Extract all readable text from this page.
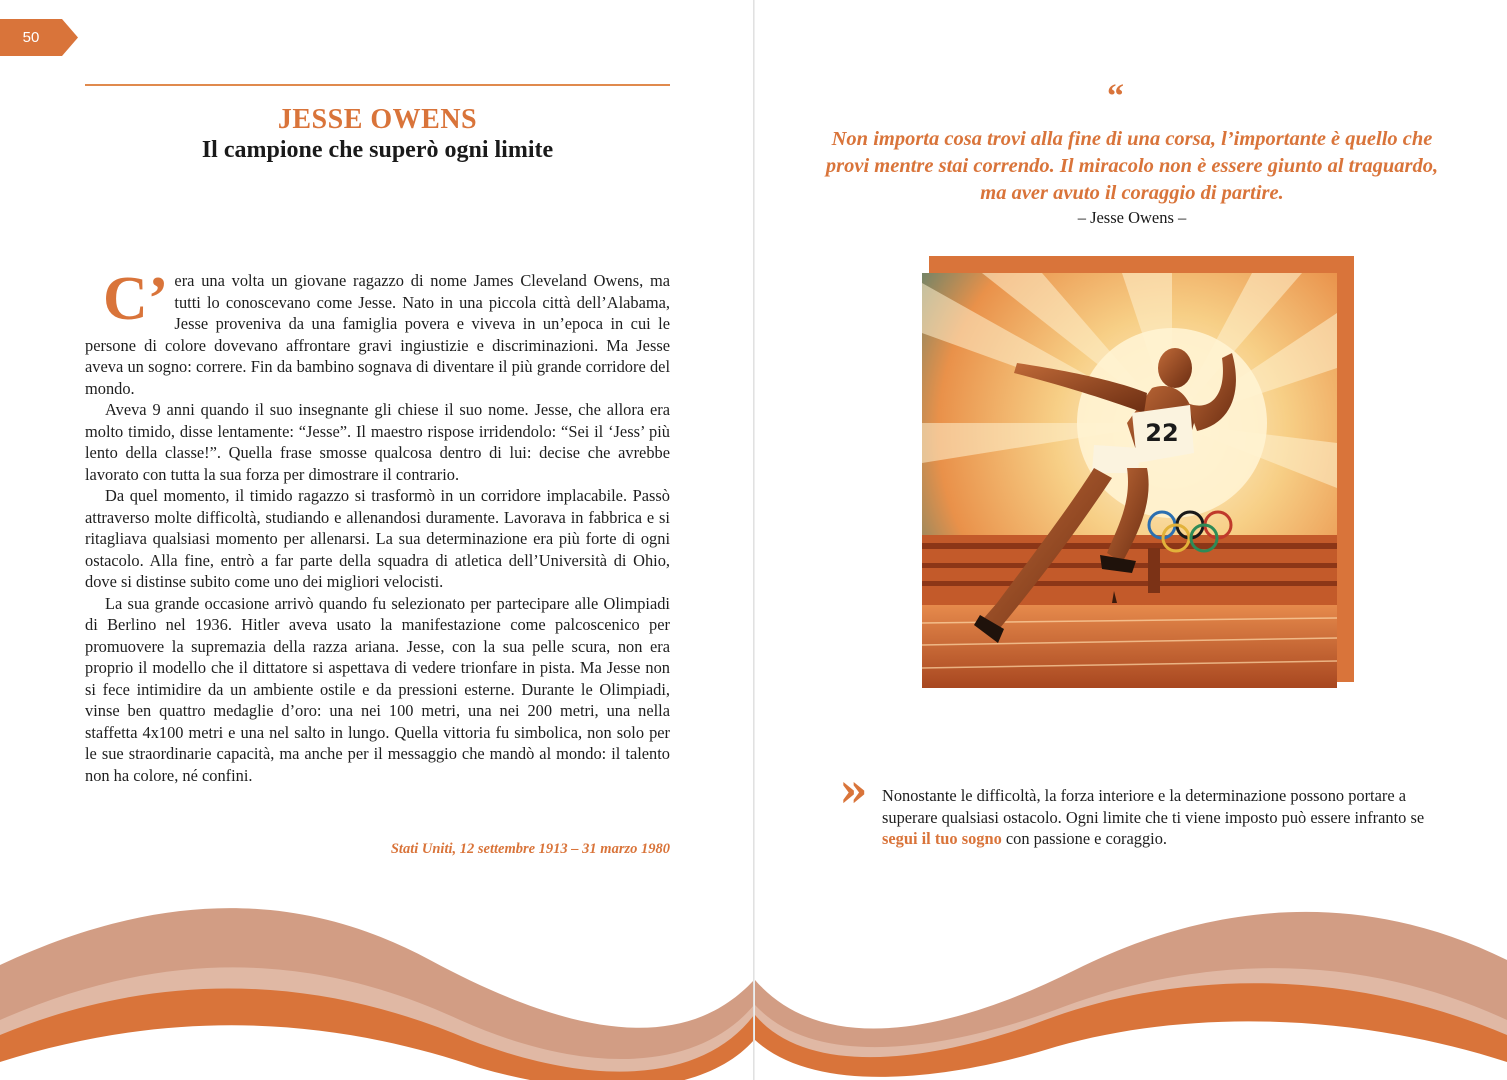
50
JESSE OWENS
Il campione che superò ogni limite

C’ era una volta un giovane ragazzo di nome James Cleveland Owens, ma tutti lo conoscevano come Jesse. Nato in una piccola città dell’Alabama, Jesse proveniva da una famiglia povera e viveva in un’epoca in cui le persone di colore dovevano affrontare gravi ingiustizie e discriminazioni. Ma Jesse aveva un sogno: correre. Fin da bambino sognava di diventare il più grande corridore del mondo.

Aveva 9 anni quando il suo insegnante gli chiese il suo nome. Jesse, che allora era molto timido, disse lentamente: “Jesse”. Il maestro rispose irridendolo: “Sei il ‘Jess’ più lento della classe!”. Quella frase smosse qualcosa dentro di lui: decise che avrebbe lavorato con tutta la sua forza per dimostrare il contrario.

Da quel momento, il timido ragazzo si trasformò in un corridore implacabile. Passò attraverso molte difficoltà, studiando e allenandosi duramente. Lavorava in fabbrica e si ritagliava qualsiasi momento per allenarsi. La sua determinazione era più forte di ogni ostacolo. Alla fine, entrò a far parte della squadra di atletica dell’Università di Ohio, dove si distinse subito come uno dei migliori velocisti.

La sua grande occasione arrivò quando fu selezionato per partecipare alle Olimpiadi di Berlino nel 1936. Hitler aveva usato la manifestazione come palcoscenico per promuovere la supremazia della razza ariana. Jesse, con la sua pelle scura, non era proprio il modello che il dittatore si aspettava di vedere trionfare in pista. Ma Jesse non si fece intimidire da un ambiente ostile e da pressioni esterne. Durante le Olimpiadi, vinse ben quattro medaglie d’oro: una nei 100 metri, una nei 200 metri, una nella staffetta 4x100 metri e una nel salto in lungo. Quella vittoria fu simbolica, non solo per le sue straordinarie capacità, ma anche per il messaggio che mandò al mondo: il talento non ha colore, né confini.

Stati Uniti, 12 settembre 1913 – 31 marzo 1980
“

Non importa cosa trovi alla fine di una corsa, l’importante è quello che provi mentre stai correndo. Il miracolo non è essere giunto al traguardo, ma aver avuto il coraggio di partire.

– Jesse Owens –
22
» Nonostante le difficoltà, la forza interiore e la determinazione possono portare a superare qualsiasi ostacolo. Ogni limite che ti viene imposto può essere infranto se segui il tuo sogno con passione e coraggio.
